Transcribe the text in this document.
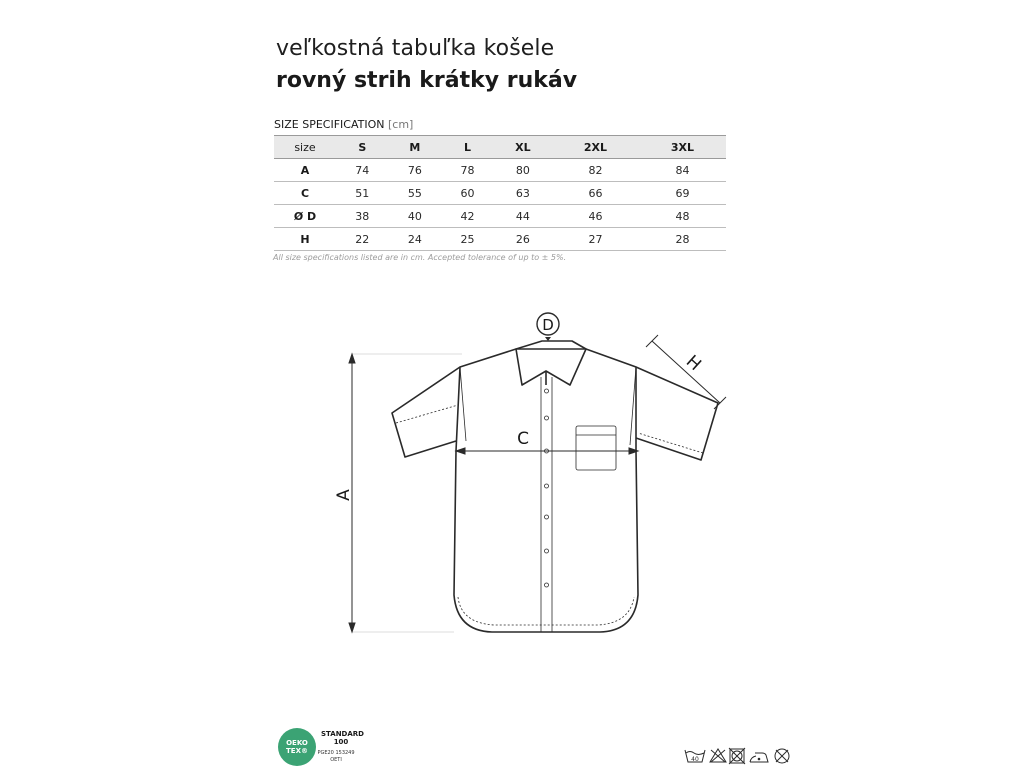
veľkostná tabuľka košele
rovný strih krátky rukáv
SIZE SPECIFICATION [cm]
size	S	M	L	XL	2XL	3XL
A	74	76	78	80	82	84
C	51	55	60	63	66	69
Ø D	38	40	42	44	46	48
H	22	24	25	26	27	28
All size specifications listed are in cm. Accepted tolerance of up to ± 5%.
A
C
D
H
OEKO
TEX®
STANDARD
100
PGE20 153249
OETI	40
